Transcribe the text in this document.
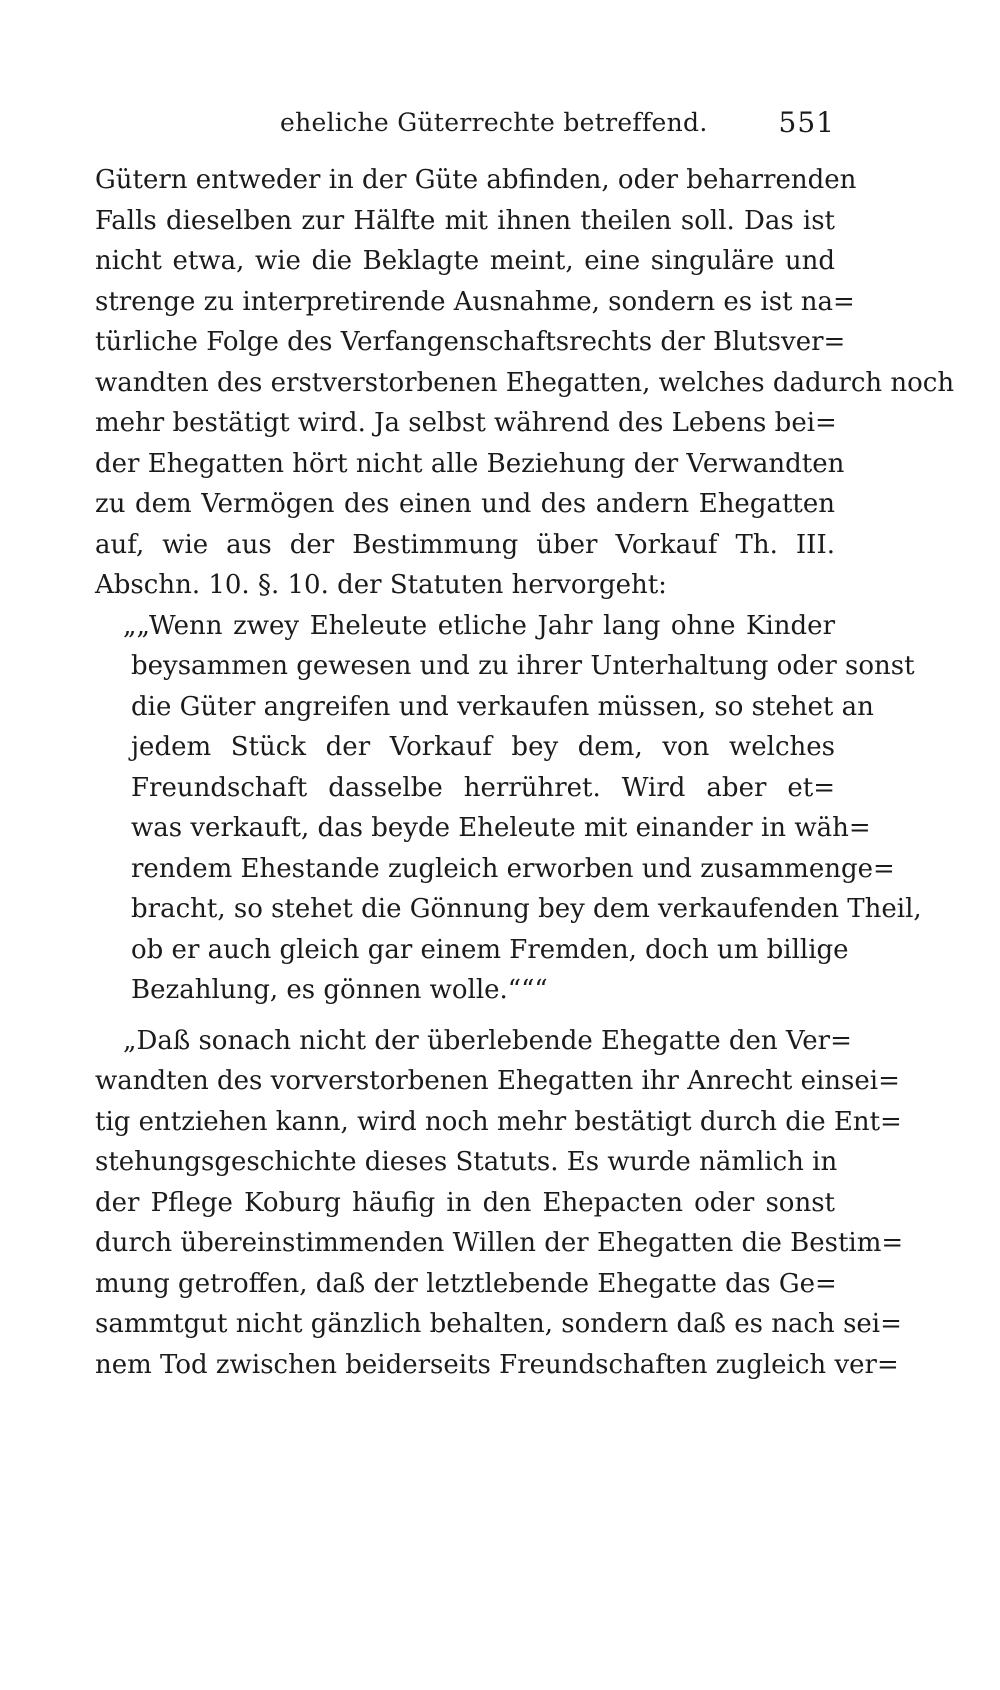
eheliche Güterrechte betreffend.	551
Gütern entweder in der Güte abfinden, oder beharrenden
Falls dieselben zur Hälfte mit ihnen theilen soll. Das ist
nicht etwa, wie die Beklagte meint, eine singuläre und
strenge zu interpretirende Ausnahme, sondern es ist na=
türliche Folge des Verfangenschaftsrechts der Blutsver=
wandten des erstverstorbenen Ehegatten, welches dadurch noch
mehr bestätigt wird. Ja selbst während des Lebens bei=
der Ehegatten hört nicht alle Beziehung der Verwandten
zu dem Vermögen des einen und des andern Ehegatten
auf, wie aus der Bestimmung über Vorkauf Th. III.
Abschn. 10. §. 10. der Statuten hervorgeht:
„„Wenn zwey Eheleute etliche Jahr lang ohne Kinder
beysammen gewesen und zu ihrer Unterhaltung oder sonst
die Güter angreifen und verkaufen müssen, so stehet an
jedem Stück der Vorkauf bey dem, von welches
Freundschaft dasselbe herrühret. Wird aber et=
was verkauft, das beyde Eheleute mit einander in wäh=
rendem Ehestande zugleich erworben und zusammenge=
bracht, so stehet die Gönnung bey dem verkaufenden Theil,
ob er auch gleich gar einem Fremden, doch um billige
Bezahlung, es gönnen wolle.“““
„Daß sonach nicht der überlebende Ehegatte den Ver=
wandten des vorverstorbenen Ehegatten ihr Anrecht einsei=
tig entziehen kann, wird noch mehr bestätigt durch die Ent=
stehungsgeschichte dieses Statuts. Es wurde nämlich in
der Pflege Koburg häufig in den Ehepacten oder sonst
durch übereinstimmenden Willen der Ehegatten die Bestim=
mung getroffen, daß der letztlebende Ehegatte das Ge=
sammtgut nicht gänzlich behalten, sondern daß es nach sei=
nem Tod zwischen beiderseits Freundschaften zugleich ver=
